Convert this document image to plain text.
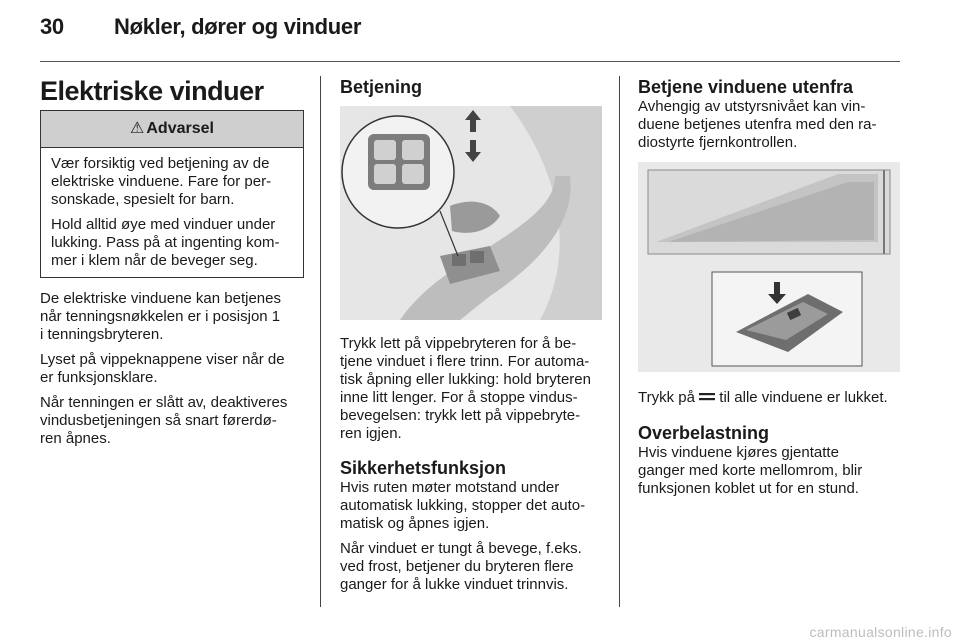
30 Nøkler, dører og vinduer
Elektriske vinduer
⚠ Advarsel

Vær forsiktig ved betjening av de
elektriske vinduene. Fare for per-
sonskade, spesielt for barn.

Hold alltid øye med vinduer under
lukking. Pass på at ingenting kom-
mer i klem når de beveger seg.

De elektriske vinduene kan betjenes
når tenningsnøkkelen er i posisjon 1
i tenningsbryteren.

Lyset på vippeknappene viser når de
er funksjonsklare.

Når tenningen er slått av, deaktiveres
vindusbetjeningen så snart førerdø-
ren åpnes.

Betjening

Trykk lett på vippebryteren for å be-
tjene vinduet i flere trinn. For automa-
tisk åpning eller lukking: hold bryteren
inne litt lenger. For å stoppe vindus-
bevegelsen: trykk lett på vippebryte-
ren igjen.

Sikkerhetsfunksjon

Hvis ruten møter motstand under
automatisk lukking, stopper det auto-
matisk og åpnes igjen.

Når vinduet er tungt å bevege, f.eks.
ved frost, betjener du bryteren flere
ganger for å lukke vinduet trinnvis.

Betjene vinduene utenfra

Avhengig av utstyrsnivået kan vin-
duene betjenes utenfra med den ra-
diostyrte fjernkontrollen.

Trykk på  til alle vinduene er lukket.

Overbelastning

Hvis vinduene kjøres gjentatte
ganger med korte mellomrom, blir
funksjonen koblet ut for en stund.

carmanualsonline.info
